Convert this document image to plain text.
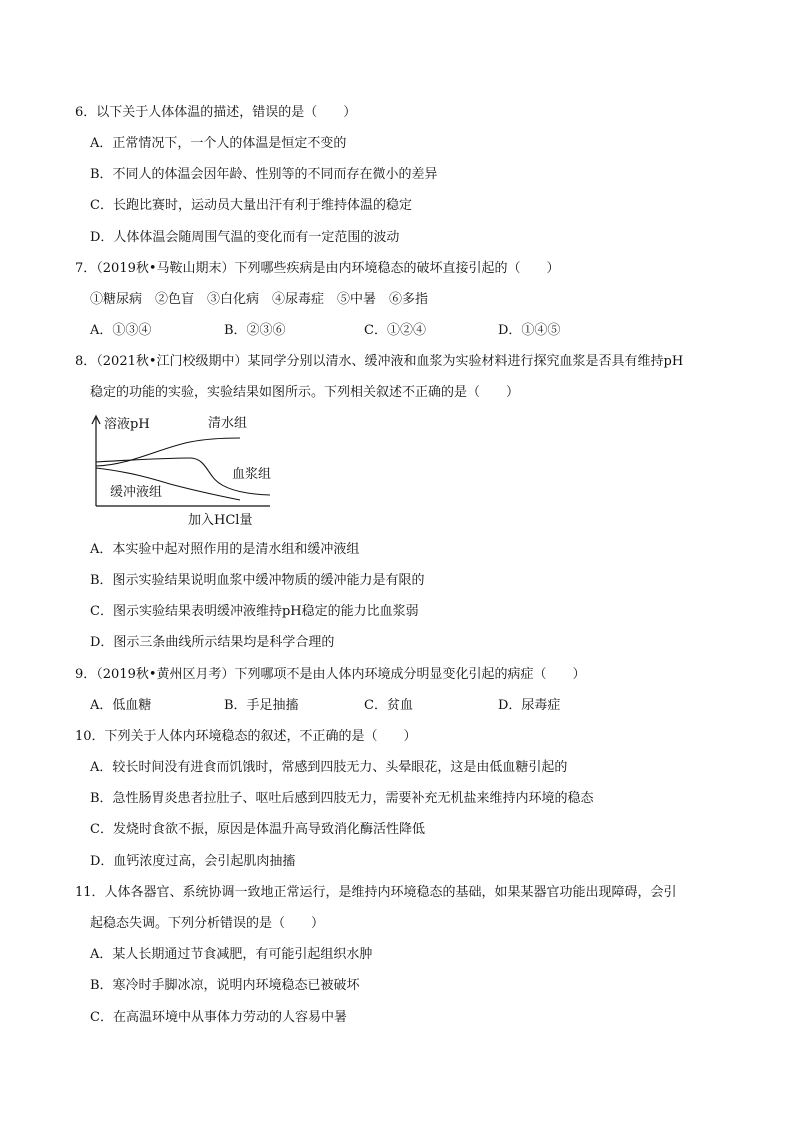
6．以下关于人体体温的描述，错误的是（　　）
A．正常情况下，一个人的体温是恒定不变的
B．不同人的体温会因年龄、性别等的不同而存在微小的差异
C．长跑比赛时，运动员大量出汗有利于维持体温的稳定
D．人体体温会随周围气温的变化而有一定范围的波动
7．（2019秋•马鞍山期末）下列哪些疾病是由内环境稳态的破坏直接引起的（　　）
①糖尿病　②色盲　③白化病　④尿毒症　⑤中暑　⑥多指
A．①③④	B．②③⑥	C．①②④	D．①④⑤
8．（2021秋•江门校级期中）某同学分别以清水、缓冲液和血浆为实验材料进行探究血浆是否具有维持pH
稳定的功能的实验，实验结果如图所示。下列相关叙述不正确的是（　　）
溶液pH
加入HCl量
清水组
血浆组
缓冲液组
A．本实验中起对照作用的是清水组和缓冲液组
B．图示实验结果说明血浆中缓冲物质的缓冲能力是有限的
C．图示实验结果表明缓冲液维持pH稳定的能力比血浆弱
D．图示三条曲线所示结果均是科学合理的
9．（2019秋•黄州区月考）下列哪项不是由人体内环境成分明显变化引起的病症（　　）
A．低血糖	B．手足抽搐	C．贫血	D．尿毒症
10．下列关于人体内环境稳态的叙述，不正确的是（　　）
A．较长时间没有进食而饥饿时，常感到四肢无力、头晕眼花，这是由低血糖引起的
B．急性肠胃炎患者拉肚子、呕吐后感到四肢无力，需要补充无机盐来维持内环境的稳态
C．发烧时食欲不振，原因是体温升高导致消化酶活性降低
D．血钙浓度过高，会引起肌肉抽搐
11．人体各器官、系统协调一致地正常运行，是维持内环境稳态的基础，如果某器官功能出现障碍，会引
起稳态失调。下列分析错误的是（　　）
A．某人长期通过节食减肥，有可能引起组织水肿
B．寒冷时手脚冰凉，说明内环境稳态已被破坏
C．在高温环境中从事体力劳动的人容易中暑
